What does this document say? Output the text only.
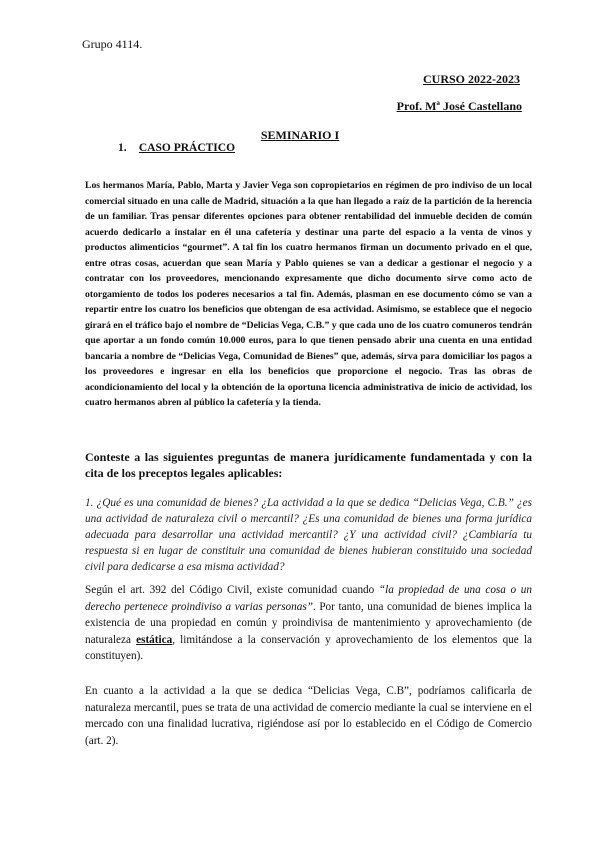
Grupo 4114.
CURSO 2022-2023
Prof. Mª José Castellano
SEMINARIO I
1. CASO PRÁCTICO
Los hermanos María, Pablo, Marta y Javier Vega son copropietarios en régimen de pro indiviso de un local comercial situado en una calle de Madrid, situación a la que han llegado a raíz de la partición de la herencia de un familiar. Tras pensar diferentes opciones para obtener rentabilidad del inmueble deciden de común acuerdo dedicarlo a instalar en él una cafetería y destinar una parte del espacio a la venta de vinos y productos alimenticios “gourmet”. A tal fin los cuatro hermanos firman un documento privado en el que, entre otras cosas, acuerdan que sean María y Pablo quienes se van a dedicar a gestionar el negocio y a contratar con los proveedores, mencionando expresamente que dicho documento sirve como acto de otorgamiento de todos los poderes necesarios a tal fin. Además, plasman en ese documento cómo se van a repartir entre los cuatro los beneficios que obtengan de esa actividad. Asimismo, se establece que el negocio girará en el tráfico bajo el nombre de “Delicias Vega, C.B.” y que cada uno de los cuatro comuneros tendrán que aportar a un fondo común 10.000 euros, para lo que tienen pensado abrir una cuenta en una entidad bancaria a nombre de “Delicias Vega, Comunidad de Bienes” que, además, sirva para domiciliar los pagos a los proveedores e ingresar en ella los beneficios que proporcione el negocio. Tras las obras de acondicionamiento del local y la obtención de la oportuna licencia administrativa de inicio de actividad, los cuatro hermanos abren al público la cafetería y la tienda.
Conteste a las siguientes preguntas de manera jurídicamente fundamentada y con la cita de los preceptos legales aplicables:
1. ¿Qué es una comunidad de bienes? ¿La actividad a la que se dedica “Delicias Vega, C.B.” ¿es una actividad de naturaleza civil o mercantil? ¿Es una comunidad de bienes una forma jurídica adecuada para desarrollar una actividad mercantil? ¿Y una actividad civil? ¿Cambiaría tu respuesta si en lugar de constituir una comunidad de bienes hubieran constituido una sociedad civil para dedicarse a esa misma actividad?
Según el art. 392 del Código Civil, existe comunidad cuando “la propiedad de una cosa o un derecho pertenece proindiviso a varias personas”. Por tanto, una comunidad de bienes implica la existencia de una propiedad en común y proindivisa de mantenimiento y aprovechamiento (de naturaleza estática, limitándose a la conservación y aprovechamiento de los elementos que la constituyen).
En cuanto a la actividad a la que se dedica “Delicias Vega, C.B”, podríamos calificarla de naturaleza mercantil, pues se trata de una actividad de comercio mediante la cual se interviene en el mercado con una finalidad lucrativa, rigiéndose así por lo establecido en el Código de Comercio (art. 2).
